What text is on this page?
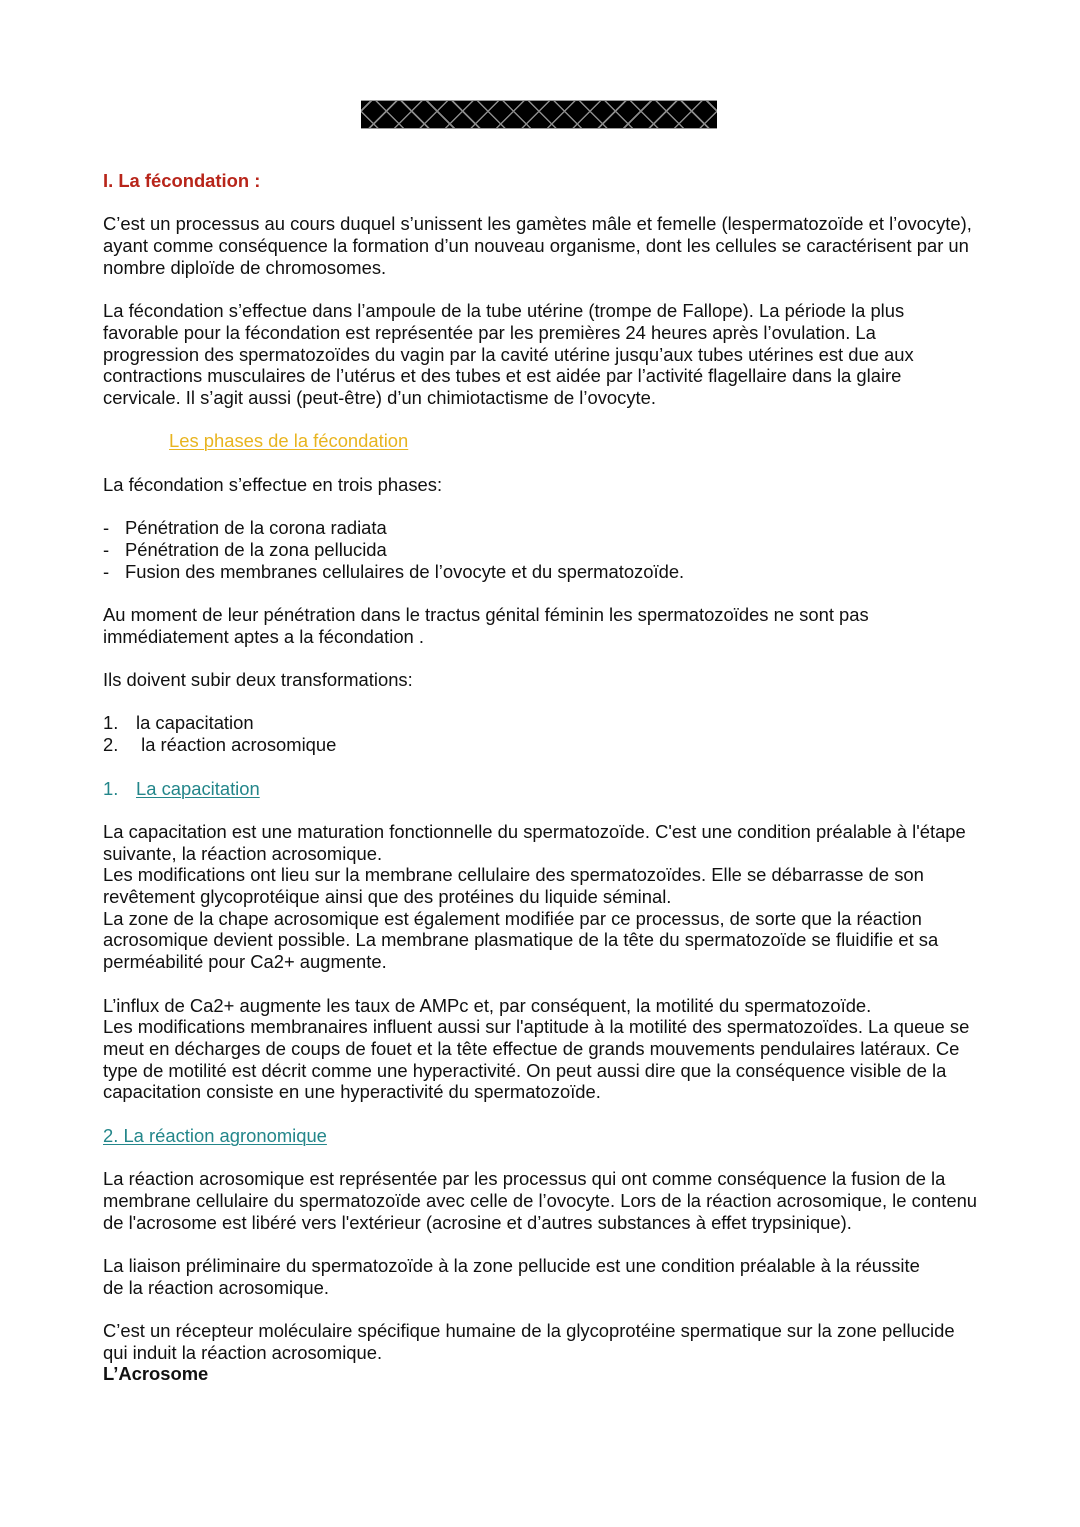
I. La fécondation :

C’est un processus au cours duquel s’unissent les gamètes mâle et femelle (lespermatozoïde et l’ovocyte), ayant comme conséquence la formation d’un nouveau organisme, dont les cellules se caractérisent par un nombre diploïde de chromosomes.

La fécondation s’effectue dans l’ampoule de la tube utérine (trompe de Fallope). La période la plus favorable pour la fécondation est représentée par les premières 24 heures après l’ovulation. La progression des spermatozoïdes du vagin par la cavité utérine jusqu’aux tubes utérines est due aux contractions musculaires de l’utérus et des tubes et est aidée par l’activité flagellaire dans la glaire cervicale. Il s’agit aussi (peut-être) d’un chimiotactisme de l’ovocyte.

Les phases de la fécondation

La fécondation s’effectue en trois phases:

- Pénétration de la corona radiata
- Pénétration de la zona pellucida
- Fusion des membranes cellulaires de l’ovocyte et du spermatozoïde.

Au moment de leur pénétration dans le tractus génital féminin les spermatozoïdes ne sont pas immédiatement aptes a la fécondation .

Ils doivent subir deux transformations:

1. la capacitation
2. la réaction acrosomique

1. La capacitation

La capacitation est une maturation fonctionnelle du spermatozoïde. C'est une condition préalable à l'étape suivante, la réaction acrosomique.

Les modifications ont lieu sur la membrane cellulaire des spermatozoïdes. Elle se débarrasse de son revêtement glycoprotéique ainsi que des protéines du liquide séminal.

La zone de la chape acrosomique est également modifiée par ce processus, de sorte que la réaction acrosomique devient possible. La membrane plasmatique de la tête du spermatozoïde se fluidifie et sa perméabilité pour Ca2+ augmente.

L’influx de Ca2+ augmente les taux de AMPc et, par conséquent, la motilité du spermatozoïde.

Les modifications membranaires influent aussi sur l'aptitude à la motilité des spermatozoïdes. La queue se meut en décharges de coups de fouet et la tête effectue de grands mouvements pendulaires latéraux. Ce type de motilité est décrit comme une hyperactivité. On peut aussi dire que la conséquence visible de la capacitation consiste en une hyperactivité du spermatozoïde.

2. La réaction agronomique

La réaction acrosomique est représentée par les processus qui ont comme conséquence la fusion de la membrane cellulaire du spermatozoïde avec celle de l’ovocyte. Lors de la réaction acrosomique, le contenu de l'acrosome est libéré vers l'extérieur (acrosine et d’autres substances à effet trypsinique).

La liaison préliminaire du spermatozoïde à la zone pellucide est une condition préalable à la réussite de la réaction acrosomique.

C’est un récepteur moléculaire spécifique humaine de la glycoprotéine spermatique sur la zone pellucide qui induit la réaction acrosomique.

L’Acrosome
